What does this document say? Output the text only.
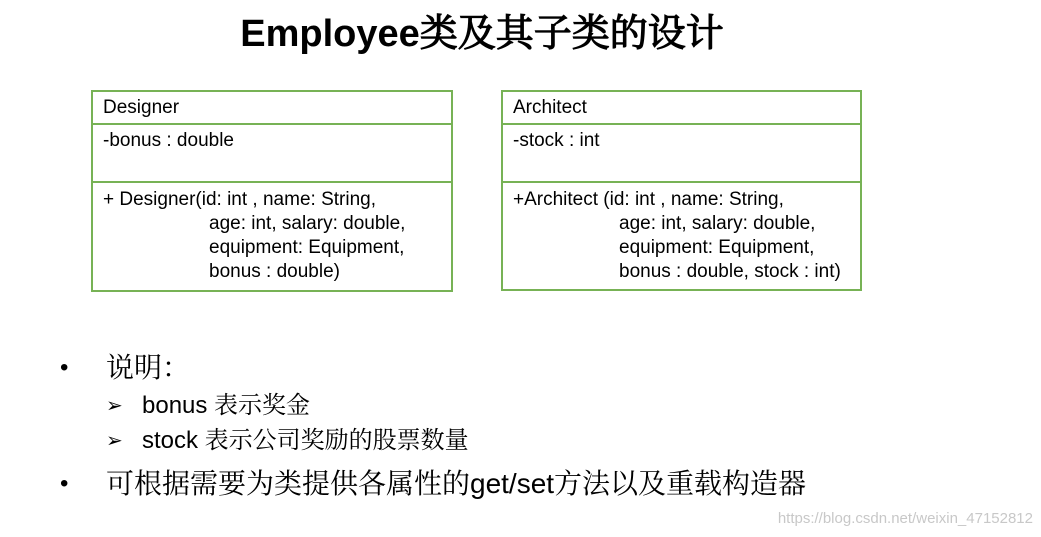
Employee类及其子类的设计
Designer
-bonus : double
+ Designer(id: int , name: String,
age: int, salary: double,
equipment: Equipment,
bonus : double)
Architect
-stock : int
+Architect (id: int , name: String,
age: int, salary: double,
equipment: Equipment,
bonus : double, stock : int)
• 说明：
➢ bonus 表示奖金
➢ stock 表示公司奖励的股票数量
• 可根据需要为类提供各属性的get/set方法以及重载构造器
https://blog.csdn.net/weixin_47152812
